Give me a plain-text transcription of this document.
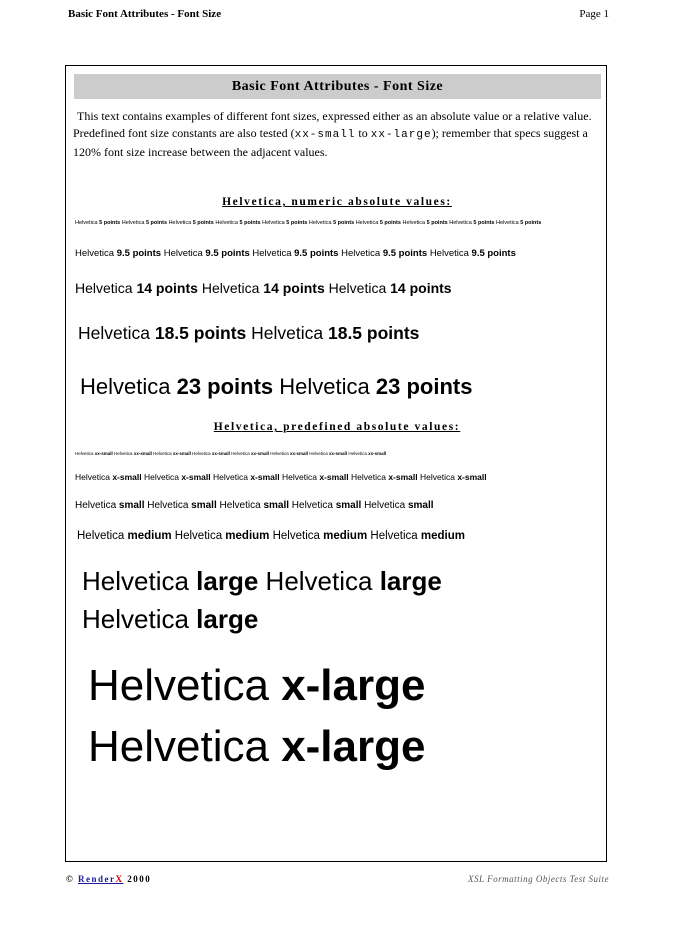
Basic Font Attributes - Font Size	Page 1
Basic Font Attributes - Font Size
This text contains examples of different font sizes, expressed either as an absolute value or a relative value. Predefined font size constants are also tested (xx-small to xx-large); remember that specs suggest a 120% font size increase between the adjacent values.
Helvetica, numeric absolute values:
Helvetica 5 points Helvetica 5 points Helvetica 5 points Helvetica 5 points Helvetica 5 points Helvetica 5 points Helvetica 5 points Helvetica 5 points Helvetica 5 points Helvetica 5 points
Helvetica 9.5 points Helvetica 9.5 points Helvetica 9.5 points Helvetica 9.5 points Helvetica 9.5 points
Helvetica 14 points Helvetica 14 points Helvetica 14 points
Helvetica 18.5 points Helvetica 18.5 points
Helvetica 23 points Helvetica 23 points
Helvetica, predefined absolute values:
Helvetica xx-small Helvetica xx-small Helvetica xx-small Helvetica xx-small Helvetica xx-small Helvetica xx-small Helvetica xx-small Helvetica xx-small
Helvetica x-small Helvetica x-small Helvetica x-small Helvetica x-small Helvetica x-small Helvetica x-small
Helvetica small Helvetica small Helvetica small Helvetica small Helvetica small
Helvetica medium Helvetica medium Helvetica medium Helvetica medium
Helvetica large Helvetica large Helvetica large
Helvetica x-large Helvetica x-large
© RenderX 2000	XSL Formatting Objects Test Suite
